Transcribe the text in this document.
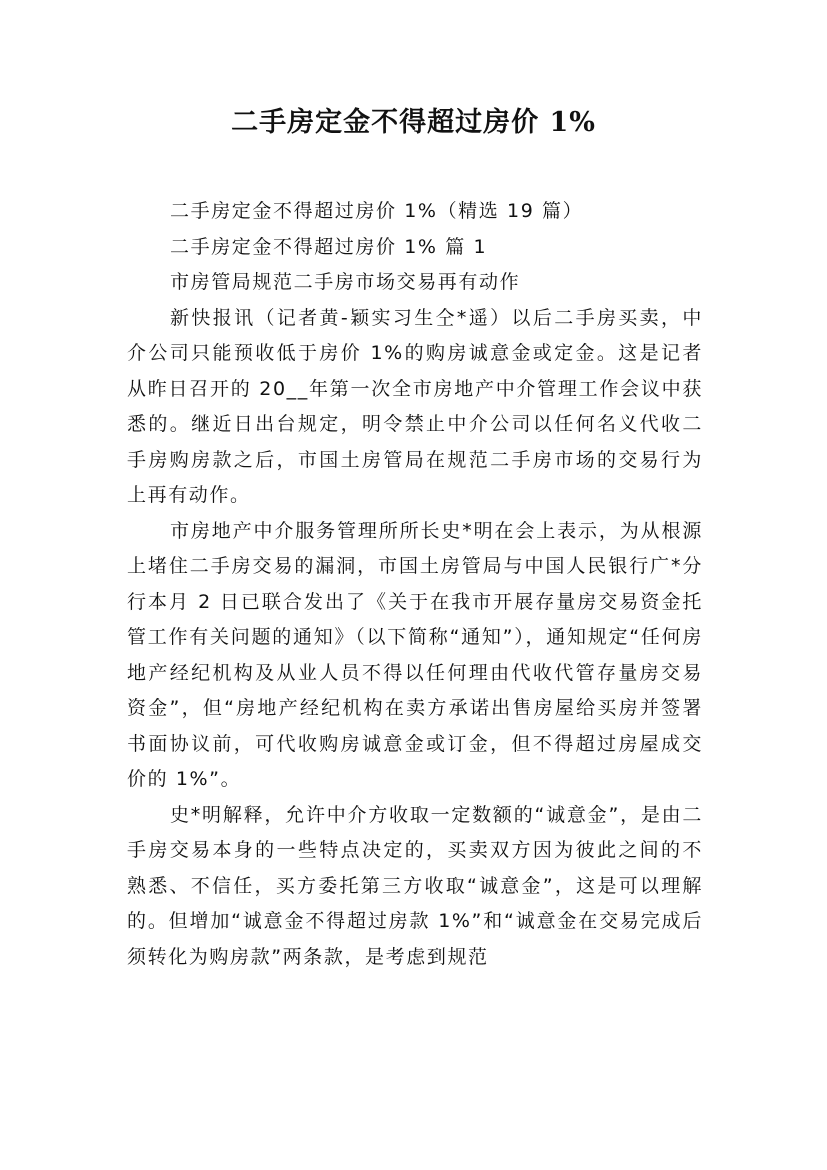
二手房定金不得超过房价 1%

二手房定金不得超过房价 1%（精选 19 篇）

二手房定金不得超过房价 1% 篇 1

市房管局规范二手房市场交易再有动作

新快报讯（记者黄-颖实习生仝*遥）以后二手房买卖，中介公司只能预收低于房价 1%的购房诚意金或定金。这是记者从昨日召开的 20__年第一次全市房地产中介管理工作会议中获悉的。继近日出台规定，明令禁止中介公司以任何名义代收二手房购房款之后，市国土房管局在规范二手房市场的交易行为上再有动作。

市房地产中介服务管理所所长史*明在会上表示，为从根源上堵住二手房交易的漏洞，市国土房管局与中国人民银行广*分行本月 2 日已联合发出了《关于在我市开展存量房交易资金托管工作有关问题的通知》（以下简称“通知”），通知规定“任何房地产经纪机构及从业人员不得以任何理由代收代管存量房交易资金”，但“房地产经纪机构在卖方承诺出售房屋给买房并签署书面协议前，可代收购房诚意金或订金，但不得超过房屋成交价的 1%”。

史*明解释，允许中介方收取一定数额的“诚意金”，是由二手房交易本身的一些特点决定的，买卖双方因为彼此之间的不熟悉、不信任，买方委托第三方收取“诚意金”，这是可以理解的。但增加“诚意金不得超过房款 1%”和“诚意金在交易完成后须转化为购房款”两条款，是考虑到规范
